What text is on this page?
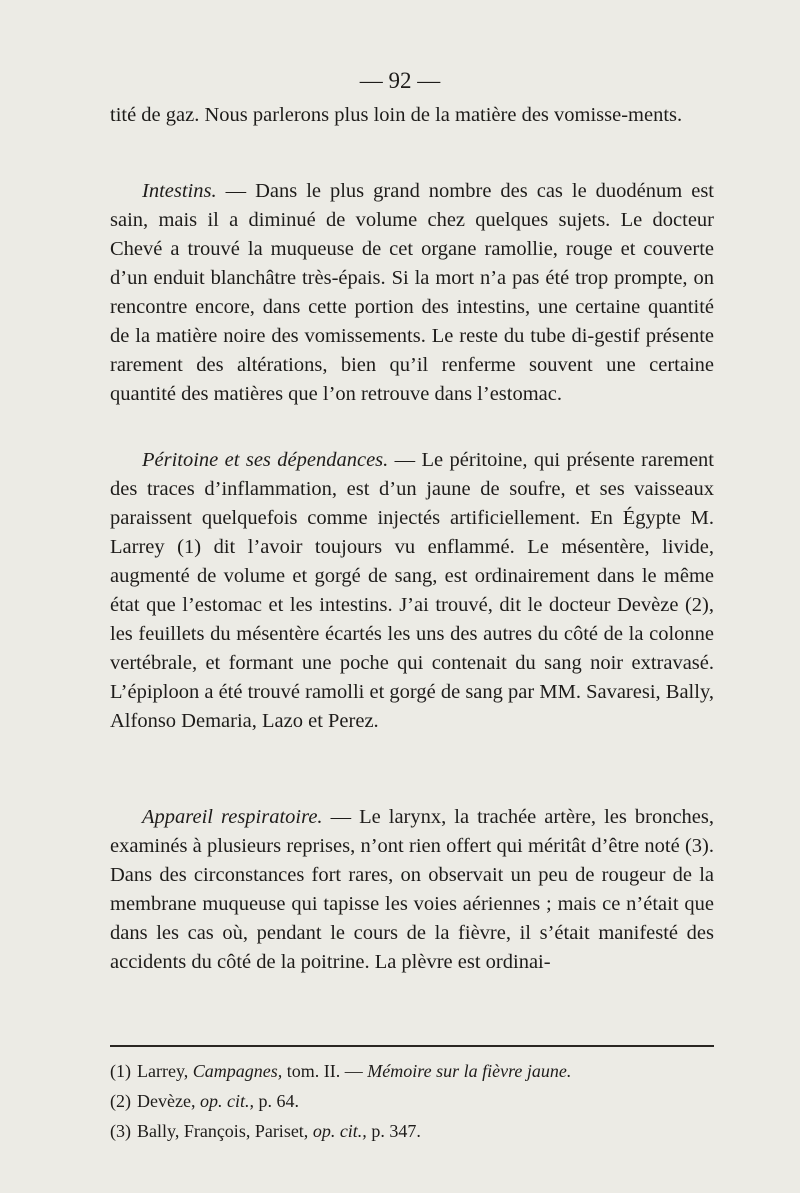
— 92 —

tité de gaz. Nous parlerons plus loin de la matière des vomisse-ments.

Intestins. — Dans le plus grand nombre des cas le duodénum est sain, mais il a diminué de volume chez quelques sujets. Le docteur Chevé a trouvé la muqueuse de cet organe ramollie, rouge et couverte d’un enduit blanchâtre très-épais. Si la mort n’a pas été trop prompte, on rencontre encore, dans cette portion des intestins, une certaine quantité de la matière noire des vomissements. Le reste du tube di-gestif présente rarement des altérations, bien qu’il renferme souvent une certaine quantité des matières que l’on retrouve dans l’estomac.

Péritoine et ses dépendances. — Le péritoine, qui présente rarement des traces d’inflammation, est d’un jaune de soufre, et ses vaisseaux paraissent quelquefois comme injectés artificiellement. En Égypte M. Larrey (1) dit l’avoir toujours vu enflammé. Le mésentère, livide, augmenté de volume et gorgé de sang, est ordinairement dans le même état que l’estomac et les intestins. J’ai trouvé, dit le docteur Devèze (2), les feuillets du mésentère écartés les uns des autres du côté de la colonne vertébrale, et formant une poche qui contenait du sang noir extravasé. L’épiploon a été trouvé ramolli et gorgé de sang par MM. Savaresi, Bally, Alfonso Demaria, Lazo et Perez.

Appareil respiratoire. — Le larynx, la trachée artère, les bronches, examinés à plusieurs reprises, n’ont rien offert qui méritât d’être noté (3). Dans des circonstances fort rares, on observait un peu de rougeur de la membrane muqueuse qui tapisse les voies aériennes ; mais ce n’était que dans les cas où, pendant le cours de la fièvre, il s’était manifesté des accidents du côté de la poitrine. La plèvre est ordinai-

(1) Larrey, Campagnes, tom. II. — Mémoire sur la fièvre jaune.
(2) Devèze, op. cit., p. 64.
(3) Bally, François, Pariset, op. cit., p. 347.
